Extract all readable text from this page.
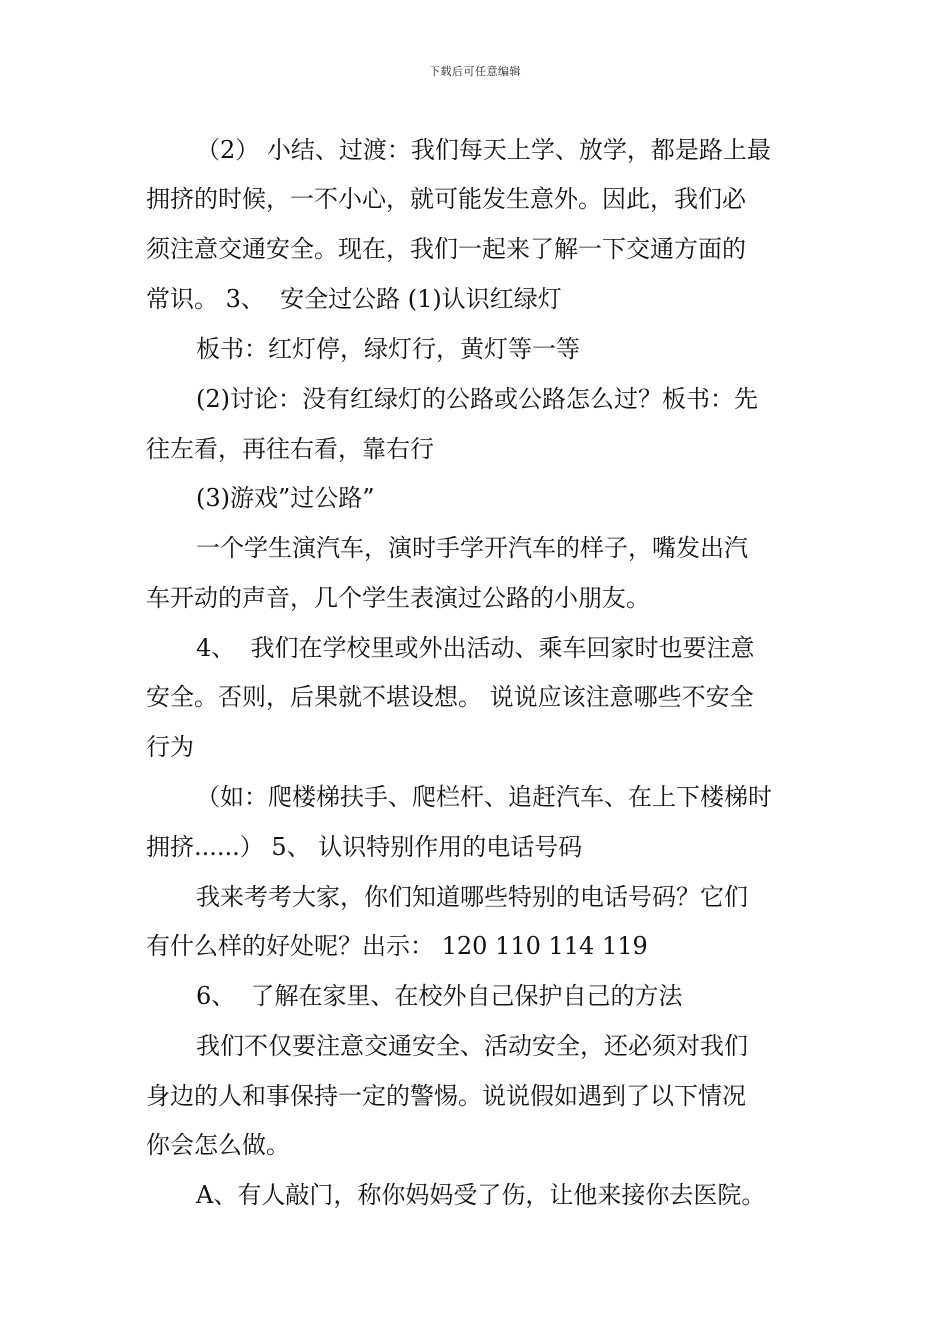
下载后可任意编辑
（2） 小结、过渡：我们每天上学、放学，都是路上最
拥挤的时候，一不小心，就可能发生意外。因此，我们必
须注意交通安全。现在，我们一起来了解一下交通方面的
常识。 3、  安全过公路 (1)认识红绿灯
板书：红灯停，绿灯行，黄灯等一等
(2)讨论：没有红绿灯的公路或公路怎么过？板书：先
往左看，再往右看，靠右行
(3)游戏”过公路”
一个学生演汽车，演时手学开汽车的样子，嘴发出汽
车开动的声音，几个学生表演过公路的小朋友。
4、  我们在学校里或外出活动、乘车回家时也要注意
安全。否则，后果就不堪设想。 说说应该注意哪些不安全
行为
（如：爬楼梯扶手、爬栏杆、追赶汽车、在上下楼梯时
拥挤......） 5、 认识特别作用的电话号码
我来考考大家，你们知道哪些特别的电话号码？它们
有什么样的好处呢？出示： 120 110 114 119
6、  了解在家里、在校外自己保护自己的方法
我们不仅要注意交通安全、活动安全，还必须对我们
身边的人和事保持一定的警惕。说说假如遇到了以下情况
你会怎么做。
A、有人敲门，称你妈妈受了伤，让他来接你去医院。
